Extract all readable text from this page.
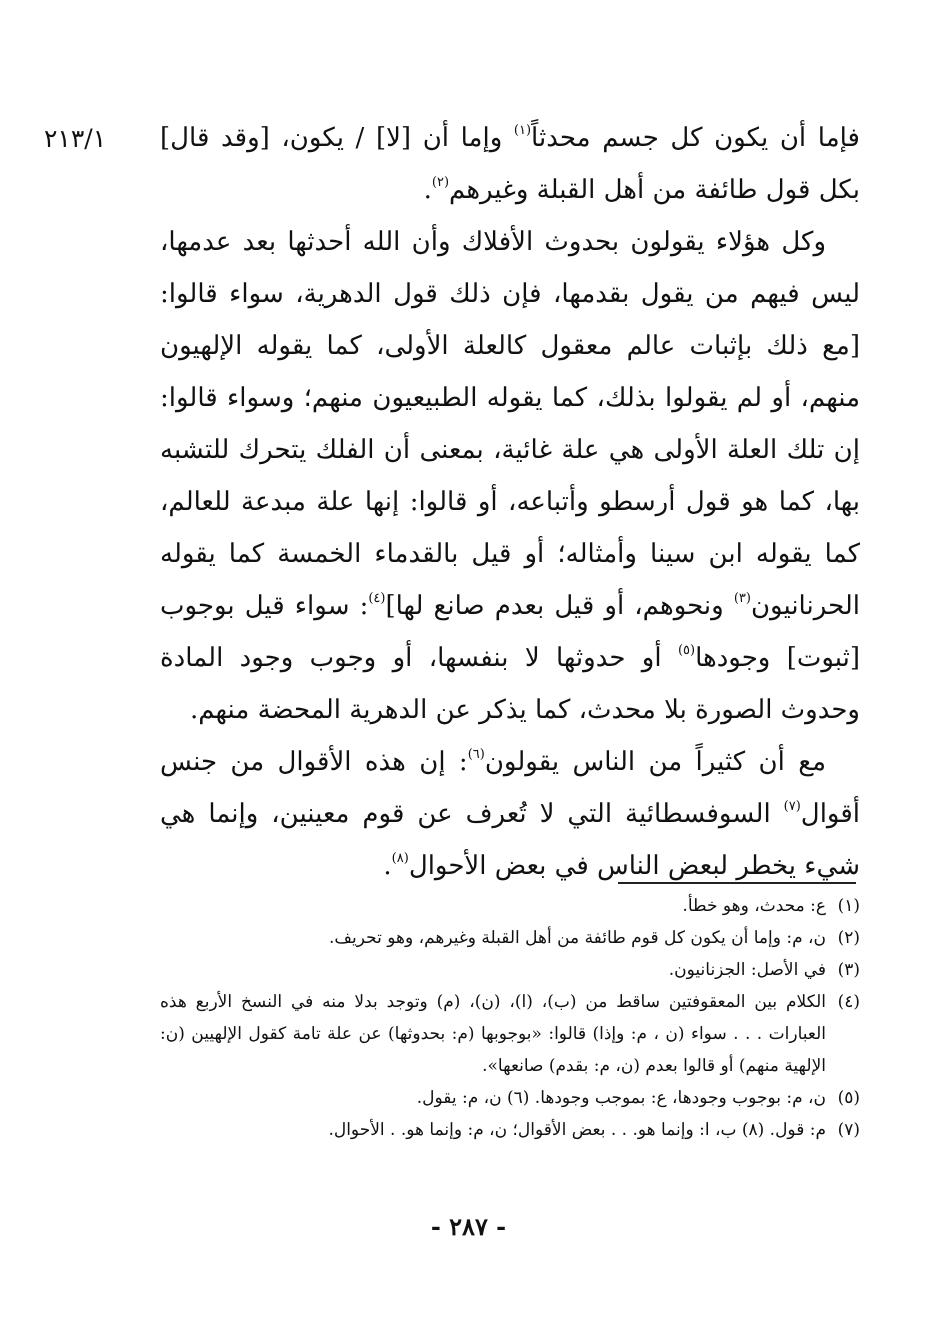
٢١٣/١	فإما أن يكون كل جسم محدثاً$^{(١)}$ وإما أن [لا] / يكون، [وقد قال] بكل قول طائفة من أهل القبلة وغيرهم$^{(٢)}$.

وكل هؤلاء يقولون بحدوث الأفلاك وأن الله أحدثها بعد عدمها، ليس فيهم من يقول بقدمها، فإن ذلك قول الدهرية، سواء قالوا: [مع ذلك بإثبات عالم معقول كالعلة الأولى، كما يقوله الإلهيون منهم، أو لم يقولوا بذلك، كما يقوله الطبيعيون منهم؛ وسواء قالوا: إن تلك العلة الأولى هي علة غائية، بمعنى أن الفلك يتحرك للتشبه بها، كما هو قول أرسطو وأتباعه، أو قالوا: إنها علة مبدعة للعالم، كما يقوله ابن سينا وأمثاله؛ أو قيل بالقدماء الخمسة كما يقوله الحرنانيون$^{(٣)}$ ونحوهم، أو قيل بعدم صانع لها]$^{(٤)}$: سواء قيل بوجوب [ثبوت] وجودها$^{(٥)}$ أو حدوثها لا بنفسها، أو وجوب وجود المادة وحدوث الصورة بلا محدث، كما يذكر عن الدهرية المحضة منهم.

مع أن كثيراً من الناس يقولون$^{(٦)}$: إن هذه الأقوال من جنس أقوال$^{(٧)}$ السوفسطائية التي لا تُعرف عن قوم معينين، وإنما هي شيء يخطر لبعض الناس في بعض الأحوال$^{(٨)}$.

(١)
ع: محدث، وهو خطأ.
(٢)
ن، م: وإما أن يكون كل قوم طائفة من أهل القبلة وغيرهم، وهو تحريف.
(٣)
في الأصل: الجزنانيون.
(٤)
الكلام بين المعقوفتين ساقط من (ب)، (ا)، (ن)، (م) وتوجد بدلا منه في النسخ الأربع هذه العبارات . . . سواء (ن ، م: وإذا) قالوا: «بوجوبها (م: بحدوثها) عن علة تامة كقول الإلهيين (ن: الإلهية منهم) أو قالوا بعدم (ن، م: بقدم) صانعها».
(٥)
ن، م: بوجوب وجودها، ع: بموجب وجودها. (٦) ن، م: يقول.
(٧)
م: قول. (٨) ب، ا: وإنما هو. . . بعض الأقوال؛ ن، م: وإنما هو. . الأحوال.
- ٢٨٧ -
